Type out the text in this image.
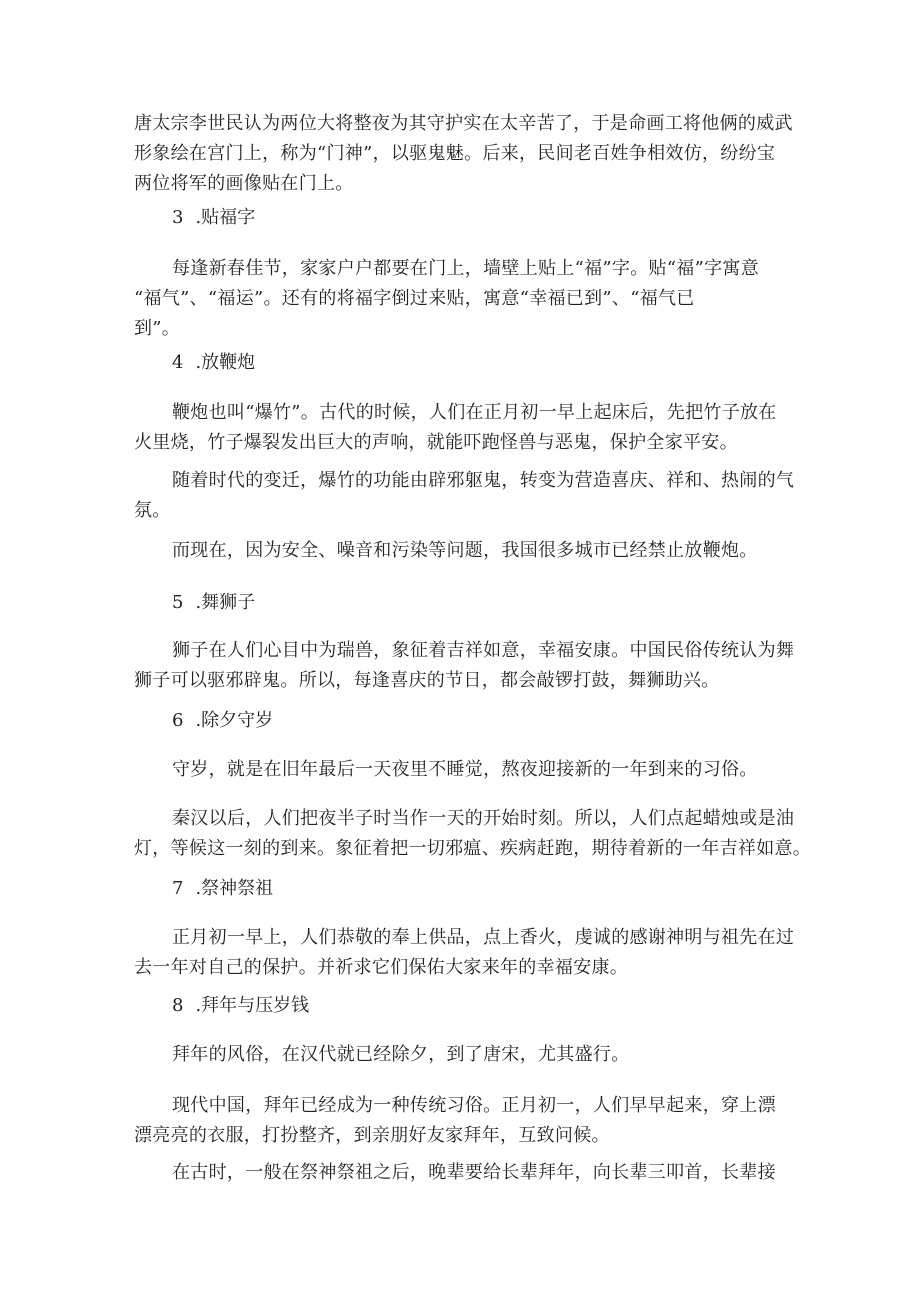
唐太宗李世民认为两位大将整夜为其守护实在太辛苦了，于是命画工将他俩的威武
形象绘在宫门上，称为“门神”，以驱鬼魅。后来，民间老百姓争相效仿，纷纷宝
两位将军的画像贴在门上。
3 .贴福字
每逢新春佳节，家家户户都要在门上，墙壁上贴上“福”字。贴“福”字寓意
“福气”、“福运”。还有的将福字倒过来贴，寓意“幸福已到”、“福气已
到”。
4 .放鞭炮
鞭炮也叫“爆竹”。古代的时候，人们在正月初一早上起床后，先把竹子放在
火里烧，竹子爆裂发出巨大的声响，就能吓跑怪兽与恶鬼，保护全家平安。
随着时代的变迁，爆竹的功能由辟邪躯鬼，转变为营造喜庆、祥和、热闹的气
氛。
而现在，因为安全、噪音和污染等问题，我国很多城市已经禁止放鞭炮。
5 .舞狮子
狮子在人们心目中为瑞兽，象征着吉祥如意，幸福安康。中国民俗传统认为舞
狮子可以驱邪辟鬼。所以，每逢喜庆的节日，都会敲锣打鼓，舞狮助兴。
6 .除夕守岁
守岁，就是在旧年最后一天夜里不睡觉，熬夜迎接新的一年到来的习俗。
秦汉以后，人们把夜半子时当作一天的开始时刻。所以，人们点起蜡烛或是油
灯，等候这一刻的到来。象征着把一切邪瘟、疾病赶跑，期待着新的一年吉祥如意。
7 .祭神祭祖
正月初一早上，人们恭敬的奉上供品，点上香火，虔诚的感谢神明与祖先在过
去一年对自己的保护。并祈求它们保佑大家来年的幸福安康。
8 .拜年与压岁钱
拜年的风俗，在汉代就已经除夕，到了唐宋，尤其盛行。
现代中国，拜年已经成为一种传统习俗。正月初一，人们早早起来，穿上漂
漂亮亮的衣服，打扮整齐，到亲朋好友家拜年，互致问候。
在古时，一般在祭神祭祖之后，晚辈要给长辈拜年，向长辈三叩首，长辈接
